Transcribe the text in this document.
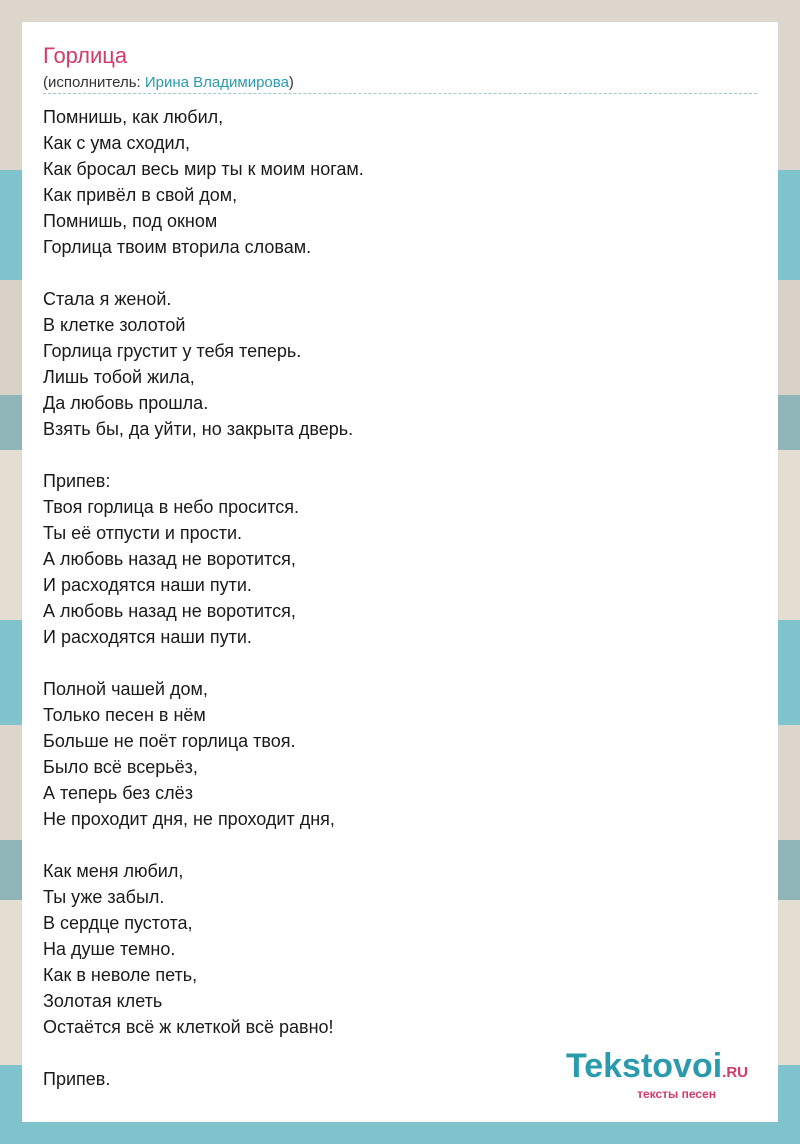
Горлица
(исполнитель: Ирина Владимирова)
Помнишь, как любил,
Как с ума сходил,
Как бросал весь мир ты к моим ногам.
Как привёл в свой дом,
Помнишь, под окном
Горлица твоим вторила словам.
Стала я женой.
В клетке золотой
Горлица грустит у тебя теперь.
Лишь тобой жила,
Да любовь прошла.
Взять бы, да уйти, но закрыта дверь.
Припев:
Твоя горлица в небо просится.
Ты её отпусти и прости.
А любовь назад не воротится,
И расходятся наши пути.
А любовь назад не воротится,
И расходятся наши пути.
Полной чашей дом,
Только песен в нём
Больше не поёт горлица твоя.
Было всё всерьёз,
А теперь без слёз
Не проходит дня, не проходит дня,
Как меня любил,
Ты уже забыл.
В сердце пустота,
На душе темно.
Как в неволе петь,
Золотая клеть
Остаётся всё ж клеткой всё равно!
Припев.	Tekstovoi.RU
тексты песен
